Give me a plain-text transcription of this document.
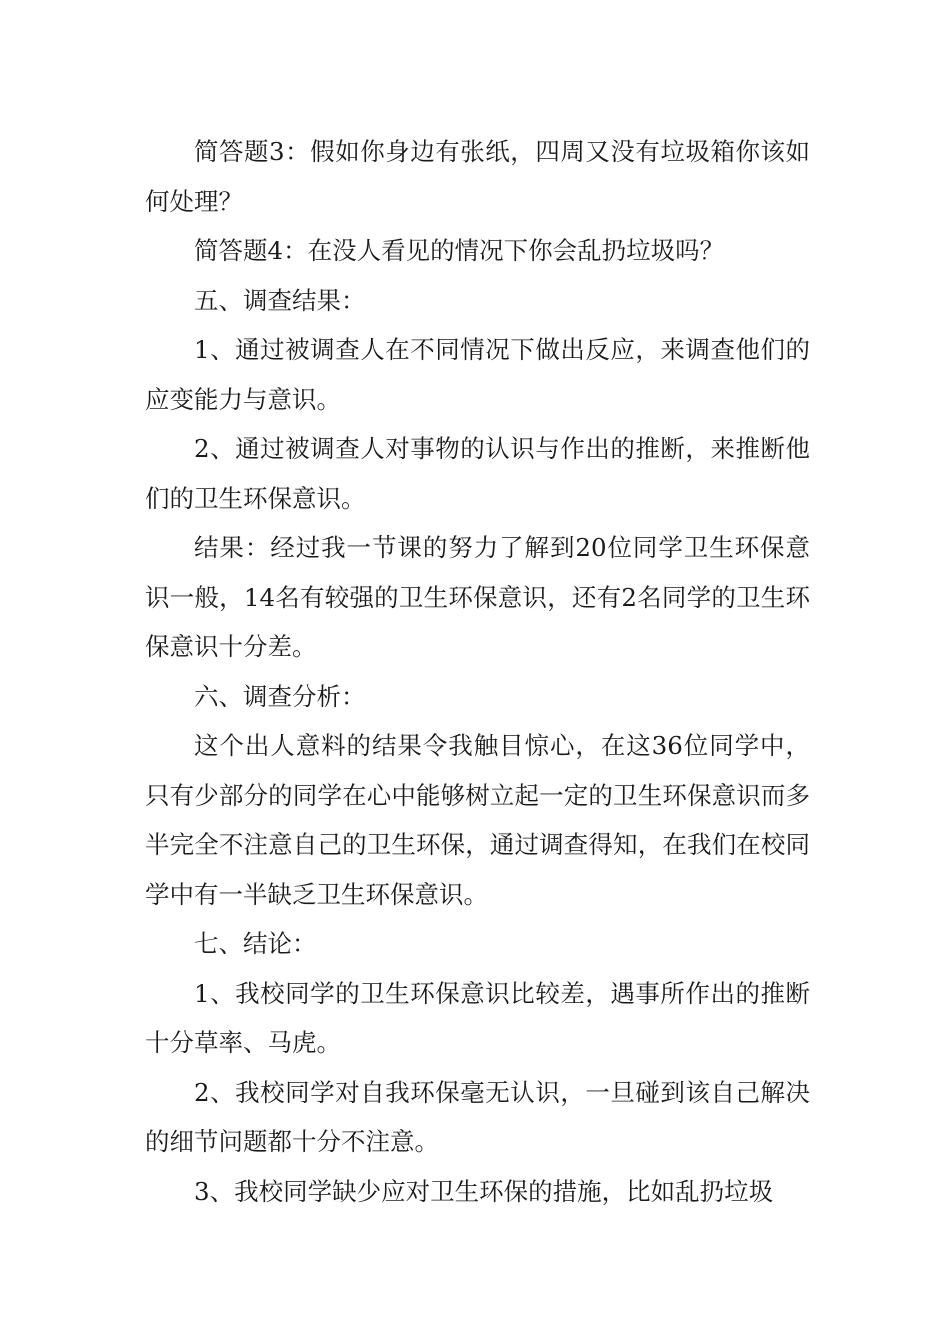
简答题3：假如你身边有张纸，四周又没有垃圾箱你该如何处理？

简答题4：在没人看见的情况下你会乱扔垃圾吗？

五、调查结果：

1、通过被调查人在不同情况下做出反应，来调查他们的应变能力与意识。

2、通过被调查人对事物的认识与作出的推断，来推断他们的卫生环保意识。

结果：经过我一节课的努力了解到20位同学卫生环保意识一般，14名有较强的卫生环保意识，还有2名同学的卫生环保意识十分差。

六、调查分析：

这个出人意料的结果令我触目惊心，在这36位同学中，只有少部分的同学在心中能够树立起一定的卫生环保意识而多半完全不注意自己的卫生环保，通过调查得知，在我们在校同学中有一半缺乏卫生环保意识。

七、结论：

1、我校同学的卫生环保意识比较差，遇事所作出的推断十分草率、马虎。

2、我校同学对自我环保毫无认识，一旦碰到该自己解决的细节问题都十分不注意。

3、我校同学缺少应对卫生环保的措施，比如乱扔垃圾
